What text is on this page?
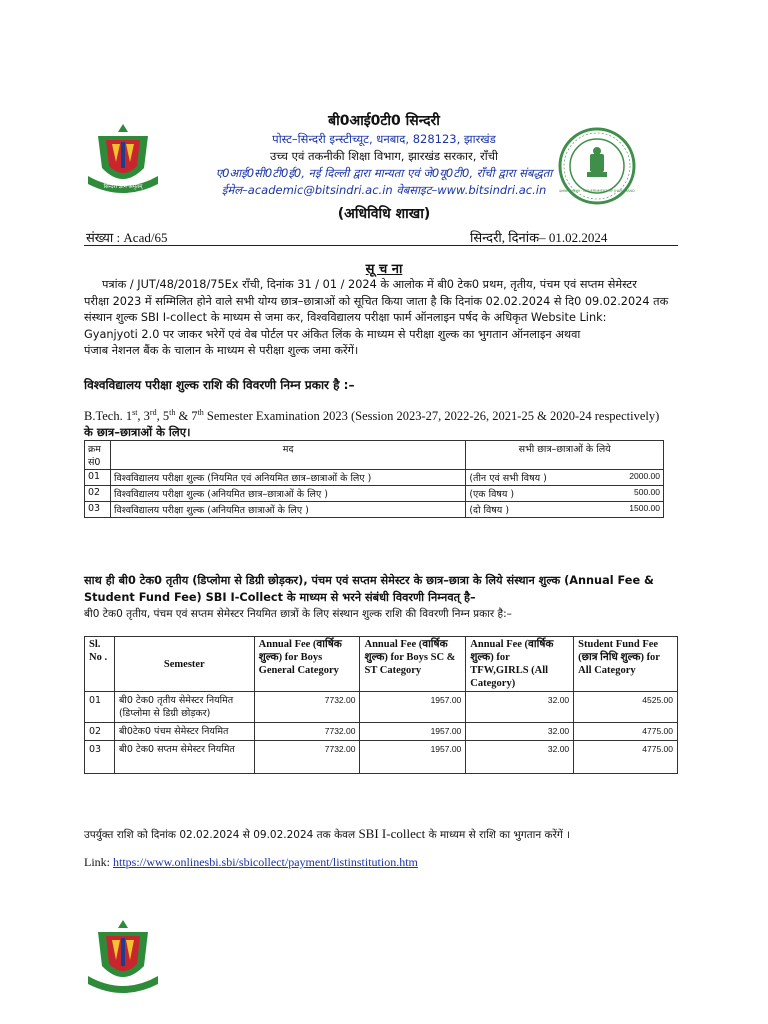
सिन्दरी ज्ञानं अमृतम्
झारखण्ड सरकार · GOVERNMENT OF JHARKHAND
बी0आई0टी0 सिन्दरी
पोस्ट–सिन्दरी इन्स्टीच्यूट, धनबाद, 828123, झारखंड
उच्च एवं तकनीकी शिक्षा विभाग, झारखंड सरकार, राँची
ए0आई0सी0टी0ई0, नई दिल्ली द्वारा मान्यता एवं जे0यू0टी0, राँची द्वारा संबद्धता
ईमेल–academic@bitsindri.ac.in वेबसाइट–www.bitsindri.ac.in
(अधिविधि शाखा)
संख्या : Acad/65	सिन्दरी, दिनांक– 01.02.2024
सू च ना
पत्रांक / JUT/48/2018/75Ex राँची, दिनांक 31 / 01 / 2024 के आलोक में बी0 टेक0 प्रथम, तृतीय, पंचम एवं सप्तम सेमेस्टर
परीक्षा 2023 में सम्मिलित होने वाले सभी योग्य छात्र–छात्राओं को सूचित किया जाता है कि दिनांक 02.02.2024 से दि0 09.02.2024 तक
संस्थान शुल्क SBI I-collect के माध्यम से जमा कर, विश्वविद्यालय परीक्षा फार्म ऑनलाइन पर्षद के अधिकृत Website Link:
Gyanjyoti 2.0 पर जाकर भरेगें एवं वेब पोर्टल पर अंकित लिंक के माध्यम से परीक्षा शुल्क का भुगतान ऑनलाइन अथवा
पंजाब नेशनल बैंक के चालान के माध्यम से परीक्षा शुल्क जमा करेंगें।
विश्वविद्यालय परीक्षा शुल्क राशि की विवरणी निम्न प्रकार है :–
B.Tech. 1st, 3rd, 5th & 7th Semester Examination 2023 (Session 2023-27, 2022-26, 2021-25 & 2020-24 respectively)
के छात्र–छात्राओं के लिए।
क्रम सं0	मद	सभी छात्र–छात्राओं के लिये
01	विश्वविद्यालय परीक्षा शुल्क (नियमित एवं अनियमित छात्र–छात्राओं के लिए )	(तीन एवं सभी विषय ) 2000.00

02	विश्वविद्यालय परीक्षा शुल्क (अनियमित छात्र–छात्राओं के लिए )	(एक विषय ) 500.00

03	विश्वविद्यालय परीक्षा शुल्क (अनियमित छात्राओं के लिए )	(दो विषय ) 1500.00
साथ ही बी0 टेक0 तृतीय (डिप्लोमा से डिग्री छोड़कर), पंचम एवं सप्तम सेमेस्टर के छात्र–छात्रा के लिये संस्थान शुल्क (Annual Fee & Student Fund Fee) SBI I-Collect के माध्यम से भरने संबंधी विवरणी निम्नवत् है–
बी0 टेक0 तृतीय, पंचम एवं सप्तम सेमेस्टर नियमित छात्रों के लिए संस्थान शुल्क राशि की विवरणी निम्न प्रकार है:–
Sl. No .	Semester	Annual Fee (वार्षिक शुल्क) for Boys General Category	Annual Fee (वार्षिक शुल्क) for Boys SC & ST Category	Annual Fee (वार्षिक शुल्क) for TFW,GIRLS (All Category)	Student Fund Fee (छात्र निधि शुल्क) for All Category
01	बी0 टेक0 तृतीय सेमेस्टर नियमित (डिप्लोमा से डिग्री छोड़कर)	7732.00	1957.00	32.00	4525.00
02	बी0टेक0 पंचम सेमेस्टर नियमित	7732.00	1957.00	32.00	4775.00
03	बी0 टेक0 सप्तम सेमेस्टर नियमित	7732.00	1957.00	32.00	4775.00
उपर्युक्त राशि को दिनांक 02.02.2024 से 09.02.2024 तक केवल SBI I-collect के माध्यम से राशि का भुगतान करेंगें ।
Link: https://www.onlinesbi.sbi/sbicollect/payment/listinstitution.htm
